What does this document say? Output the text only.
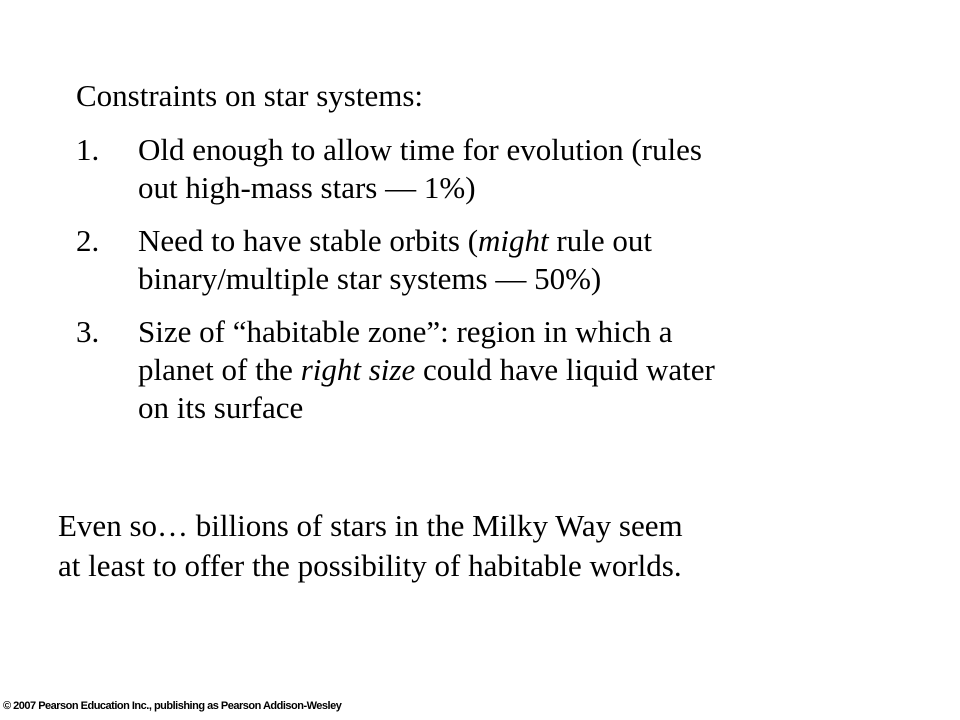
Constraints on star systems:
1.	Old enough to allow time for evolution (rules
out high-mass stars — 1%)
2.	Need to have stable orbits (might rule out
binary/multiple star systems — 50%)
3.	Size of “habitable zone”: region in which a
planet of the right size could have liquid water
on its surface
Even so… billions of stars in the Milky Way seem
at least to offer the possibility of habitable worlds.
© 2007 Pearson Education Inc., publishing as Pearson Addison-Wesley
